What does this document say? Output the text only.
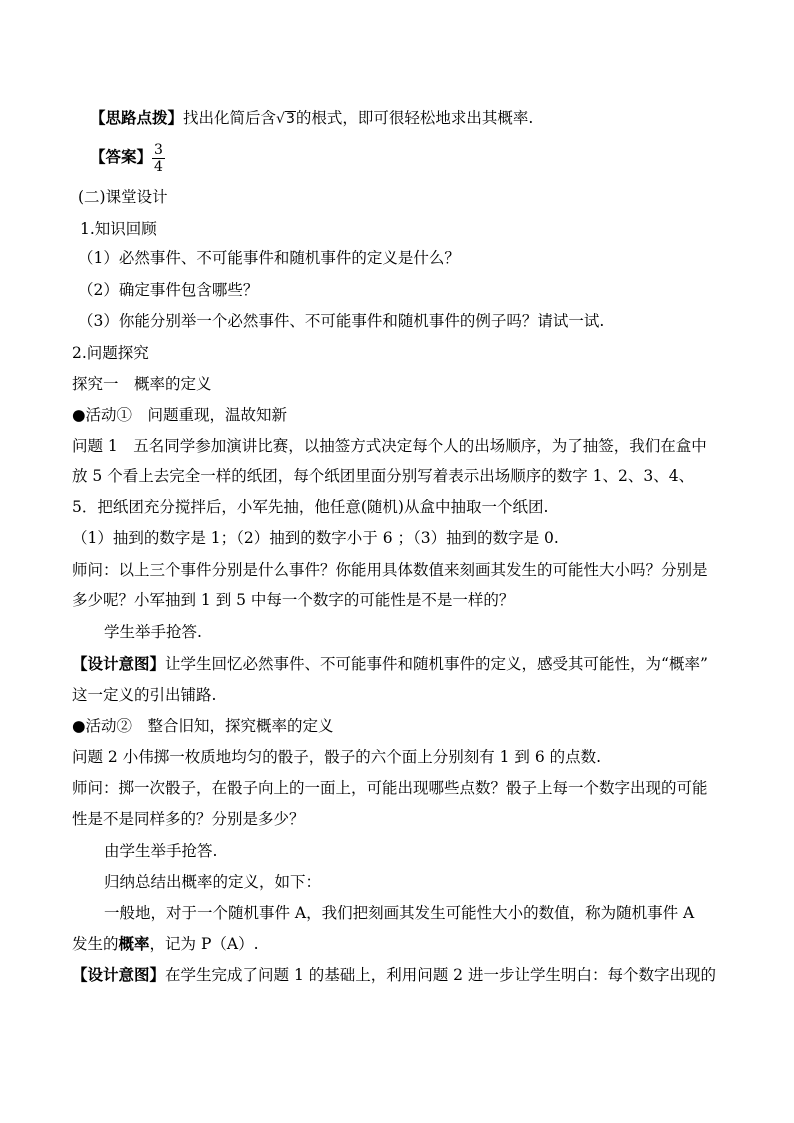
【思路点拨】找出化简后含√3的根式，即可很轻松地求出其概率.
【答案】 $\frac{3}{4}$
(二)课堂设计
1.知识回顾
（1）必然事件、不可能事件和随机事件的定义是什么？
（2）确定事件包含哪些？
（3）你能分别举一个必然事件、不可能事件和随机事件的例子吗？请试一试.
2.问题探究
探究一　概率的定义
●活动①　问题重现，温故知新
问题 1　五名同学参加演讲比赛，以抽签方式决定每个人的出场顺序，为了抽签，我们在盒中
放 5 个看上去完全一样的纸团，每个纸团里面分别写着表示出场顺序的数字 1、2、3、4、
5．把纸团充分搅拌后，小军先抽，他任意(随机)从盒中抽取一个纸团.
（1）抽到的数字是 1；（2）抽到的数字小于 6 ；（3）抽到的数字是 0.
师问：以上三个事件分别是什么事件？你能用具体数值来刻画其发生的可能性大小吗？分别是
多少呢？小军抽到 1 到 5 中每一个数字的可能性是不是一样的？
学生举手抢答.
【设计意图】让学生回忆必然事件、不可能事件和随机事件的定义，感受其可能性，为“概率”
这一定义的引出铺路.
●活动②　整合旧知，探究概率的定义
问题 2 小伟掷一枚质地均匀的骰子，骰子的六个面上分别刻有 1 到 6 的点数.
师问：掷一次骰子，在骰子向上的一面上，可能出现哪些点数？骰子上每一个数字出现的可能
性是不是同样多的？分别是多少？
由学生举手抢答.
归纳总结出概率的定义，如下：
一般地，对于一个随机事件 A，我们把刻画其发生可能性大小的数值，称为随机事件 A
发生的概率，记为 P（A）.
【设计意图】在学生完成了问题 1 的基础上，利用问题 2 进一步让学生明白：每个数字出现的
